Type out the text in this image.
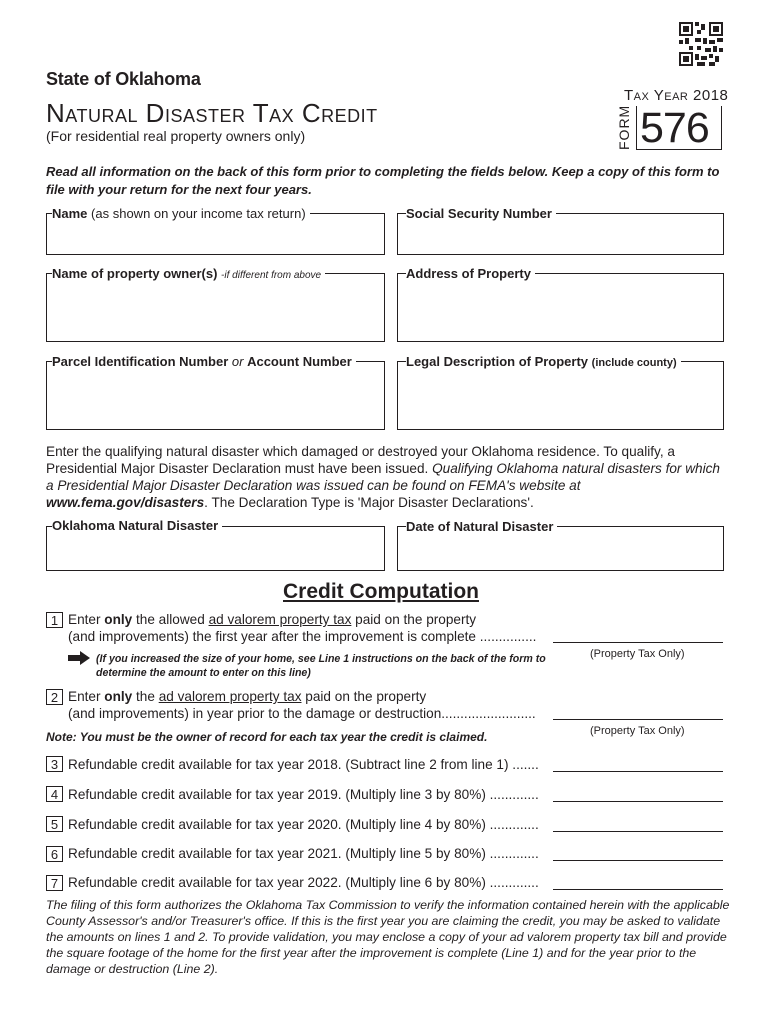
State of Oklahoma
Natural Disaster Tax Credit
(For residential real property owners only)
Tax Year 2018
FORM 576
Read all information on the back of this form prior to completing the fields below. Keep a copy of this form to file with your return for the next four years.
Name (as shown on your income tax return)	Social Security Number
Name of property owner(s) -if different from above	Address of Property
Parcel Identification Number or Account Number	Legal Description of Property (include county)
Enter the qualifying natural disaster which damaged or destroyed your Oklahoma residence. To qualify, a Presidential Major Disaster Declaration must have been issued. Qualifying Oklahoma natural disasters for which a Presidential Major Disaster Declaration was issued can be found on FEMA's website at www.fema.gov/disasters. The Declaration Type is 'Major Disaster Declarations'.
Oklahoma Natural Disaster	Date of Natural Disaster
Credit Computation
1 Enter only the allowed ad valorem property tax paid on the property
(and improvements) the first year after the improvement is complete ...............
(Property Tax Only)
(If you increased the size of your home, see Line 1 instructions on the back of the form to determine the amount to enter on this line)
2 Enter only the ad valorem property tax paid on the property
(and improvements) in year prior to the damage or destruction.........................
(Property Tax Only)
Note: You must be the owner of record for each tax year the credit is claimed.
3 Refundable credit available for tax year 2018. (Subtract line 2 from line 1) .......
4 Refundable credit available for tax year 2019. (Multiply line 3 by 80%) .............
5 Refundable credit available for tax year 2020. (Multiply line 4 by 80%) .............
6 Refundable credit available for tax year 2021. (Multiply line 5 by 80%) .............
7 Refundable credit available for tax year 2022. (Multiply line 6 by 80%) .............
The filing of this form authorizes the Oklahoma Tax Commission to verify the information contained herein with the applicable County Assessor's and/or Treasurer's office. If this is the first year you are claiming the credit, you may be asked to validate the amounts on lines 1 and 2. To provide validation, you may enclose a copy of your ad valorem property tax bill and provide the square footage of the home for the first year after the improvement is complete (Line 1) and for the year prior to the damage or destruction (Line 2).
